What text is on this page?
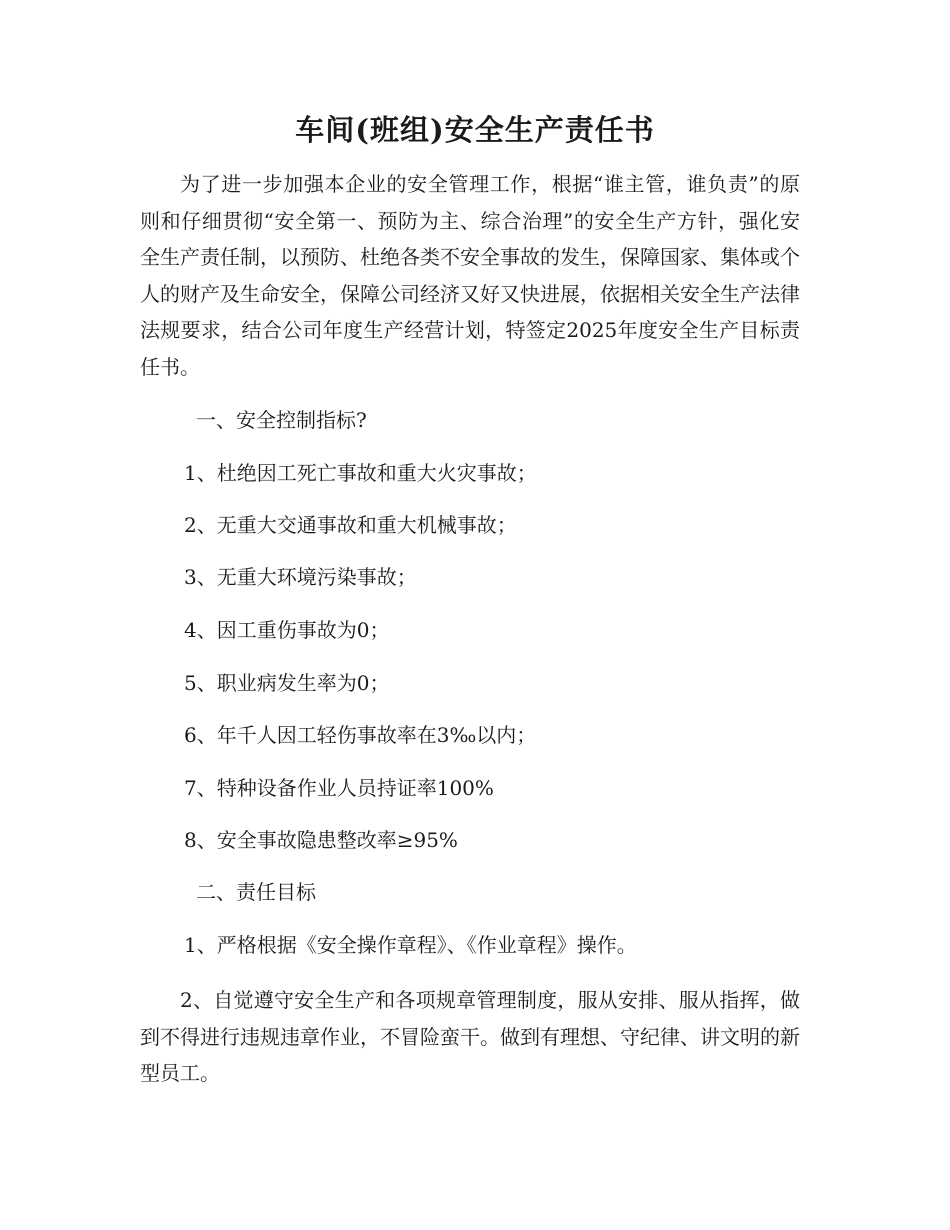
车间(班组)安全生产责任书

为了进一步加强本企业的安全管理工作，根据“谁主管，谁负责”的原则和仔细贯彻“安全第一、预防为主、综合治理”的安全生产方针，强化安全生产责任制，以预防、杜绝各类不安全事故的发生，保障国家、集体或个人的财产及生命安全，保障公司经济又好又快进展，依据相关安全生产法律法规要求，结合公司年度生产经营计划，特签定2025年度安全生产目标责任书。

一、安全控制指标?

1、杜绝因工死亡事故和重大火灾事故；

2、无重大交通事故和重大机械事故；

3、无重大环境污染事故；

4、因工重伤事故为0；

5、职业病发生率为0；

6、年千人因工轻伤事故率在3‰以内；

7、特种设备作业人员持证率100%

8、安全事故隐患整改率≥95%

二、责任目标

1、严格根据《安全操作章程》、《作业章程》操作。

2、自觉遵守安全生产和各项规章管理制度，服从安排、服从指挥，做到不得进行违规违章作业，不冒险蛮干。做到有理想、守纪律、讲文明的新型员工。
